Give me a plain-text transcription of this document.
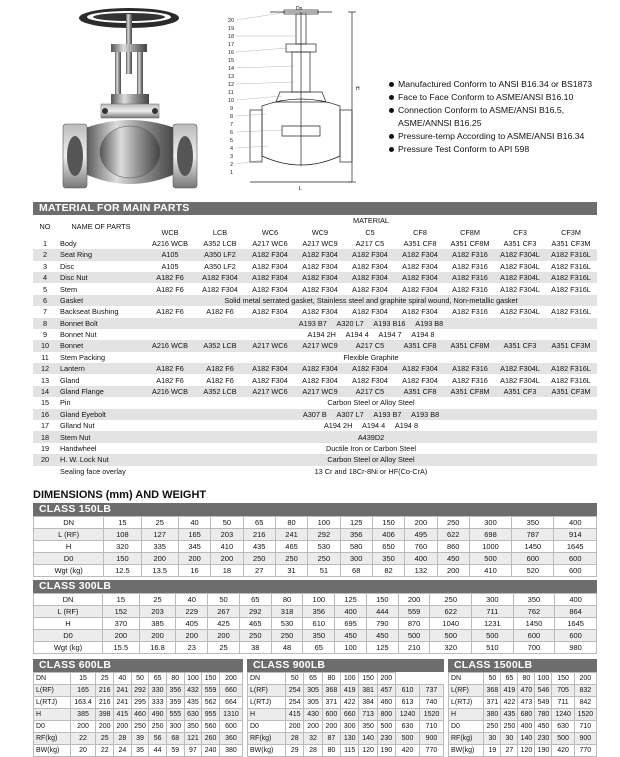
20
19
18
17
16
15
14
13
12
11
10
9
8
7
6
5
4
3
2
1
Do
H
L
Manufactured Conform to ANSI B16.34 or BS1873
Face to Face Conform to ASME/ANSI B16.10
Connection Conform to ASME/ANSI B16.5, ASME/ANNSI B16.25
Pressure-temp According to ASME/ANSI B16.34
Pressure Test Conform to API 598
MATERIAL FOR MAIN PARTS
NO	NAME OF PARTS	MATERIAL								
		WCB	LCB	WC6	WC9	C5	CF8	CF8M	CF3	CF3M
1	Body	A216 WCB	A352 LCB	A217 WC6	A217 WC9	A217 C5	A351 CF8	A351 CF8M	A351 CF3	A351 CF3M
2	Seat Ring	A105	A350 LF2	A182 F304	A182 F304	A182 F304	A182 F304	A182 F316	A182 F304L	A182 F316L
3	Disc	A105	A350 LF2	A182 F304	A182 F304	A182 F304	A182 F304	A182 F316	A182 F304L	A182 F316L
4	Disc Nut	A182 F6	A182 F304	A182 F304	A182 F304	A182 F304	A182 F304	A182 F316	A182 F304L	A182 F316L
5	Stem	A182 F6	A182 F304	A182 F304	A182 F304	A182 F304	A182 F304	A182 F316	A182 F304L	A182 F316L
6	Gasket	Solid metal serrated gasket, Stainless steel and graphite spiral wound, Non-metallic gasket								
7	Backseat Bushing	A182 F6	A182 F6	A182 F304	A182 F304	A182 F304	A182 F304	A182 F316	A182 F304L	A182 F316L
8	Bonnet Bolt	A193 B7     A320 L7     A193 B16     A193 B8								
9	Bonnet Nut	A194 2H     A194 4     A194 7     A194 8								
10	Bonnet	A216 WCB	A352 LCB	A217 WC6	A217 WC9	A217 C5	A351 CF8	A351 CF8M	A351 CF3	A351 CF3M
11	Stem Packing	Flexible Graphite								
12	Lantern	A182 F6	A182 F6	A182 F304	A182 F304	A182 F304	A182 F304	A182 F316	A182 F304L	A182 F316L
13	Gland	A182 F6	A182 F6	A182 F304	A182 F304	A182 F304	A182 F304	A182 F316	A182 F304L	A182 F316L
14	Gland Flange	A216 WCB	A352 LCB	A217 WC6	A217 WC9	A217 C5	A351 CF8	A351 CF8M	A351 CF3	A351 CF3M
15	Pin	Carbon Steel or Alloy Steel								
16	Gland Eyebolt	A307 B     A307 L7     A193 B7     A193 B8								
17	Glland Nut	A194 2H     A194 4     A194 8								
18	Stem Nut	A439D2								
19	Handwheel	Ductile Iron or Carbon Steel								
20	H. W. Lock Nut	Carbon Steel or Alloy Steel								
	Sealing face overlay	13 Cr and 18Cr-8Ni or HF(Co-CrA)								
DIMENSIONS (mm) AND WEIGHT
CLASS 150LB
DN	15	25	40	50	65	80	100	125	150	200	250	300	350	400
L (RF)	108	127	165	203	216	241	292	356	406	495	622	698	787	914
H	320	335	345	410	435	465	530	580	650	760	860	1000	1450	1645
D0	150	200	200	200	250	250	250	300	350	400	450	500	600	600
Wgt (kg)	12.5	13.5	16	18	27	31	51	68	82	132	200	410	520	600
CLASS 300LB
DN	15	25	40	50	65	80	100	125	150	200	250	300	350	400
L (RF)	152	203	229	267	292	318	356	400	444	559	622	711	762	864
H	370	385	405	425	465	530	610	695	790	870	1040	1231	1450	1645
D0	200	200	200	200	250	250	350	450	450	500	500	500	600	600
Wgt (kg)	15.5	16.8	23	25	38	48	65	100	125	210	320	510	700	980
CLASS 600LB
DN	15	25	40	50	65	80	100	150	200
L(RF)	165	216	241	292	330	356	432	559	660
L(RTJ)	163.4	216	241	295	333	359	435	562	664
H	385	398	415	460	490	555	630	955	1310
D0	200	200	200	250	250	300	350	560	600
RF(kg)	22	25	28	39	56	68	121	260	360
BW(kg)	20	22	24	35	44	59	97	240	380
CLASS 900LB
DN	50	65	80	100	150	200		
L(RF)	254	305	368	419	381	457	610	737
L(RTJ)	254	305	371	422	384	460	613	740
H	415	430	600	660	713	800	1240	1520
D0	200	200	200	300	350	500	630	710
RF(kg)	28	32	87	130	140	230	500	900
BW(kg)	29	28	80	115	120	190	420	770
CLASS 1500LB
DN	50	65	80	100	150	200
L(RF)	368	419	470	546	705	832
L(RTJ)	371	422	473	549	711	842
H	380	435	680	780	1240	1520
D0	250	250	400	450	630	710
RF(kg)	30	30	140	230	500	900
BW(kg)	19	27	120	190	420	770
